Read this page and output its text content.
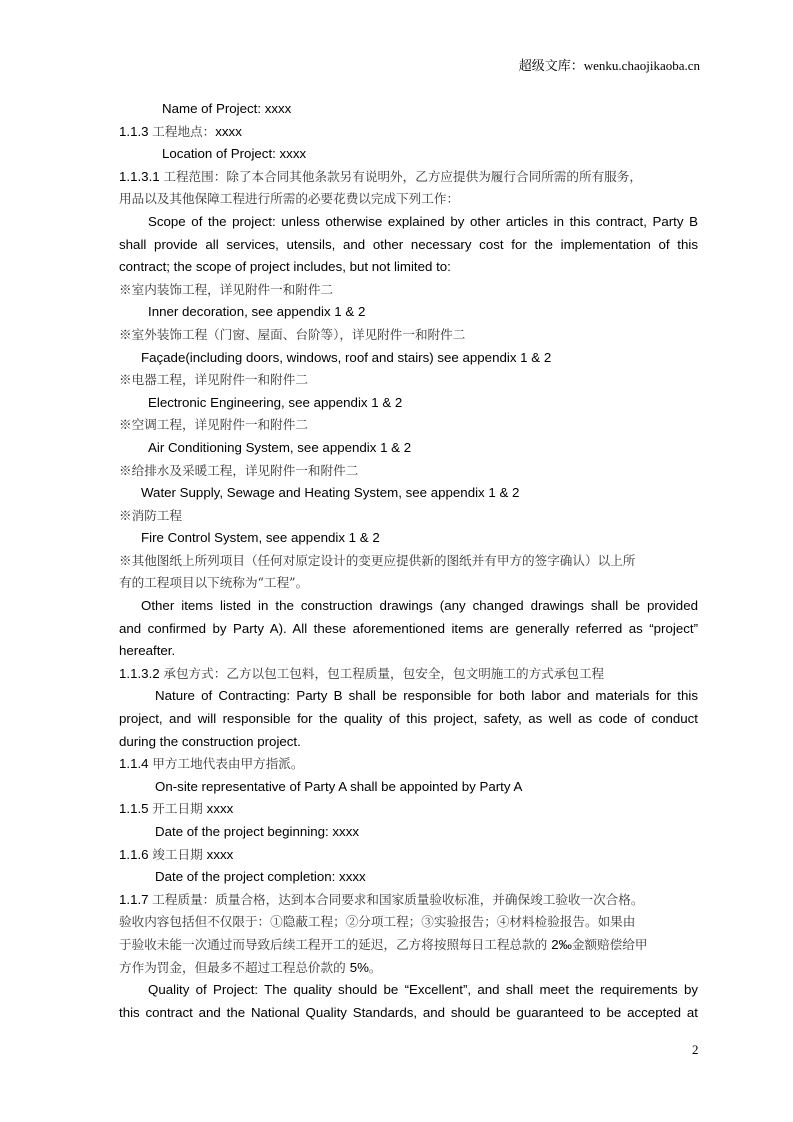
超级文库：wenku.chaojikaoba.cn
Name of Project: xxxx
1.1.3 工程地点：xxxx
Location of Project: xxxx
1.1.3.1 工程范围：除了本合同其他条款另有说明外，乙方应提供为履行合同所需的所有服务，
用品以及其他保障工程进行所需的必要花费以完成下列工作：
Scope of the project: unless otherwise explained by other articles in this contract, Party B
shall provide all services, utensils, and other necessary cost for the implementation of this
contract; the scope of project includes, but not limited to:
※室内装饰工程，详见附件一和附件二
Inner decoration, see appendix 1 & 2
※室外装饰工程（门窗、屋面、台阶等），详见附件一和附件二
Façade(including doors, windows, roof and stairs) see appendix 1 & 2
※电器工程，详见附件一和附件二
Electronic Engineering, see appendix 1 & 2
※空调工程，详见附件一和附件二
Air Conditioning System, see appendix 1 & 2
※给排水及采暖工程，详见附件一和附件二
Water Supply, Sewage and Heating System, see appendix 1 & 2
※消防工程
Fire Control System, see appendix 1 & 2
※其他图纸上所列项目（任何对原定设计的变更应提供新的图纸并有甲方的签字确认）以上所
有的工程项目以下统称为“工程”。
Other items listed in the construction drawings (any changed drawings shall be provided
and confirmed by Party A). All these aforementioned items are generally referred as “project”
hereafter.
1.1.3.2 承包方式：乙方以包工包料，包工程质量，包安全，包文明施工的方式承包工程
Nature of Contracting: Party B shall be responsible for both labor and materials for this
project, and will responsible for the quality of this project, safety, as well as code of conduct
during the construction project.
1.1.4 甲方工地代表由甲方指派。
On-site representative of Party A shall be appointed by Party A
1.1.5 开工日期 xxxx
Date of the project beginning: xxxx
1.1.6 竣工日期 xxxx
Date of the project completion: xxxx
1.1.7 工程质量：质量合格，达到本合同要求和国家质量验收标准，并确保竣工验收一次合格。
验收内容包括但不仅限于：①隐蔽工程；②分项工程；③实验报告；④材料检验报告。如果由
于验收未能一次通过而导致后续工程开工的延迟，乙方将按照每日工程总款的 2‰金额赔偿给甲
方作为罚金，但最多不超过工程总价款的 5%。
Quality of Project: The quality should be “Excellent”, and shall meet the requirements by
this contract and the National Quality Standards, and should be guaranteed to be accepted at
2
